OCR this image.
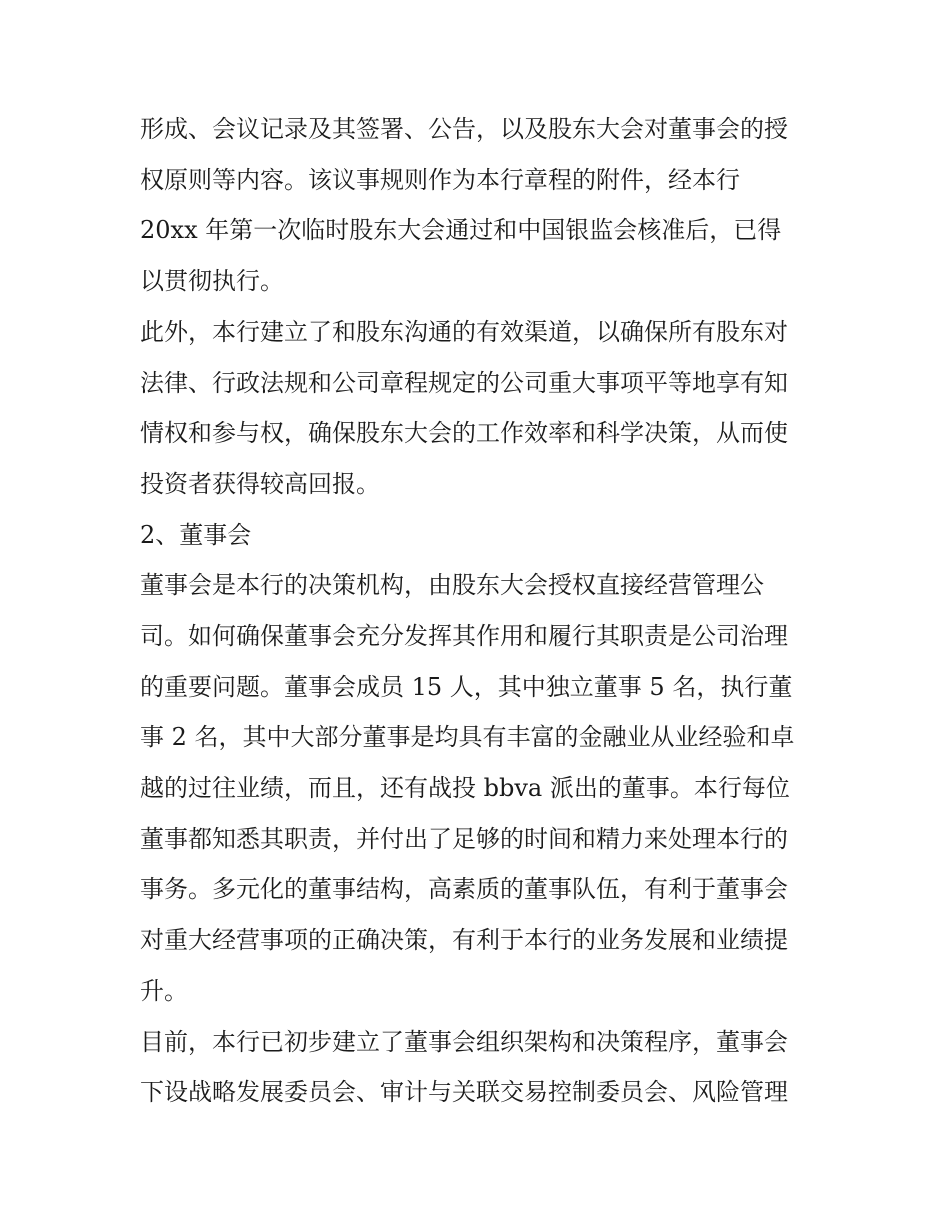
形成、会议记录及其签署、公告，以及股东大会对董事会的授
权原则等内容。该议事规则作为本行章程的附件，经本行
20xx 年第一次临时股东大会通过和中国银监会核准后，已得
以贯彻执行。
此外，本行建立了和股东沟通的有效渠道，以确保所有股东对
法律、行政法规和公司章程规定的公司重大事项平等地享有知
情权和参与权，确保股东大会的工作效率和科学决策，从而使
投资者获得较高回报。
2、董事会
董事会是本行的决策机构，由股东大会授权直接经营管理公
司。如何确保董事会充分发挥其作用和履行其职责是公司治理
的重要问题。董事会成员 15 人，其中独立董事 5 名，执行董
事 2 名，其中大部分董事是均具有丰富的金融业从业经验和卓
越的过往业绩，而且，还有战投 bbva 派出的董事。本行每位
董事都知悉其职责，并付出了足够的时间和精力来处理本行的
事务。多元化的董事结构，高素质的董事队伍，有利于董事会
对重大经营事项的正确决策，有利于本行的业务发展和业绩提
升。
目前，本行已初步建立了董事会组织架构和决策程序，董事会
下设战略发展委员会、审计与关联交易控制委员会、风险管理
